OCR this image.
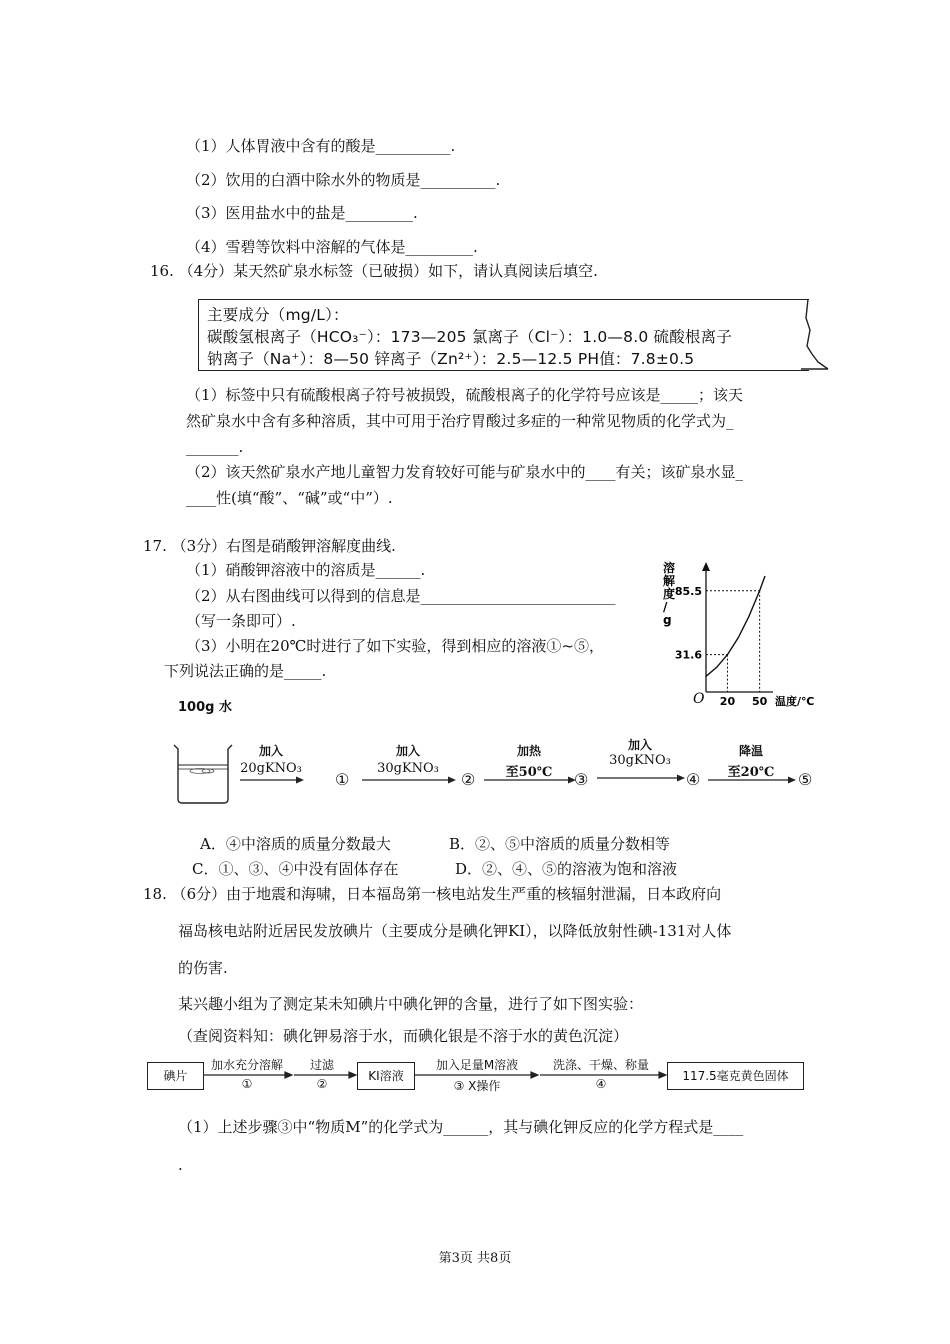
（1）人体胃液中含有的酸是__________.
（2）饮用的白酒中除水外的物质是__________.
（3）医用盐水中的盐是_________.
（4）雪碧等饮料中溶解的气体是_________.
16. （4分）某天然矿泉水标签（已破损）如下，请认真阅读后填空.
主要成分（mg/L）：
碳酸氢根离子（HCO₃⁻）：173—205 氯离子（Cl⁻）：1.0—8.0 硫酸根离子
钠离子（Na⁺）：8—50 锌离子（Zn²⁺）：2.5—12.5 PH值：7.8±0.5
（1）标签中只有硫酸根离子符号被损毁，硫酸根离子的化学符号应该是_____；该天
然矿泉水中含有多种溶质，其中可用于治疗胃酸过多症的一种常见物质的化学式为_
_______.
（2）该天然矿泉水产地儿童智力发育较好可能与矿泉水中的____有关；该矿泉水显_
____性(填“酸”、“碱”或“中”）.
17. （3分）右图是硝酸钾溶解度曲线.
（1）硝酸钾溶液中的溶质是______.
（2）从右图曲线可以得到的信息是__________________________
（写一条即可）.
（3）小明在20℃时进行了如下实验，得到相应的溶液①~⑤，
下列说法正确的是_____.
溶解度/ g
O	温度/℃
31.6
20
85.5
50
100g 水
加入
20gKNO₃
①
加入
30gKNO₃
②
加热
至50℃	③
加入
30gKNO₃
④
降温
至20℃	⑤
A．④中溶质的质量分数最大	B．②、⑤中溶质的质量分数相等
C．①、③、④中没有固体存在	D．②、④、⑤的溶液为饱和溶液
18. （6分）由于地震和海啸，日本福岛第一核电站发生严重的核辐射泄漏，日本政府向
福岛核电站附近居民发放碘片（主要成分是碘化钾KI），以降低放射性碘-131对人体
的伤害.
某兴趣小组为了测定某未知碘片中碘化钾的含量，进行了如下图实验：
（查阅资料知：碘化钾易溶于水，而碘化银是不溶于水的黄色沉淀）
碘片
加水充分溶解
①
过滤
②
KI溶液
加入足量M溶液
③ X操作
洗涤、干燥、称量
④
117.5毫克黄色固体
（1）上述步骤③中“物质M”的化学式为______，其与碘化钾反应的化学方程式是____
.
第3页 共8页
